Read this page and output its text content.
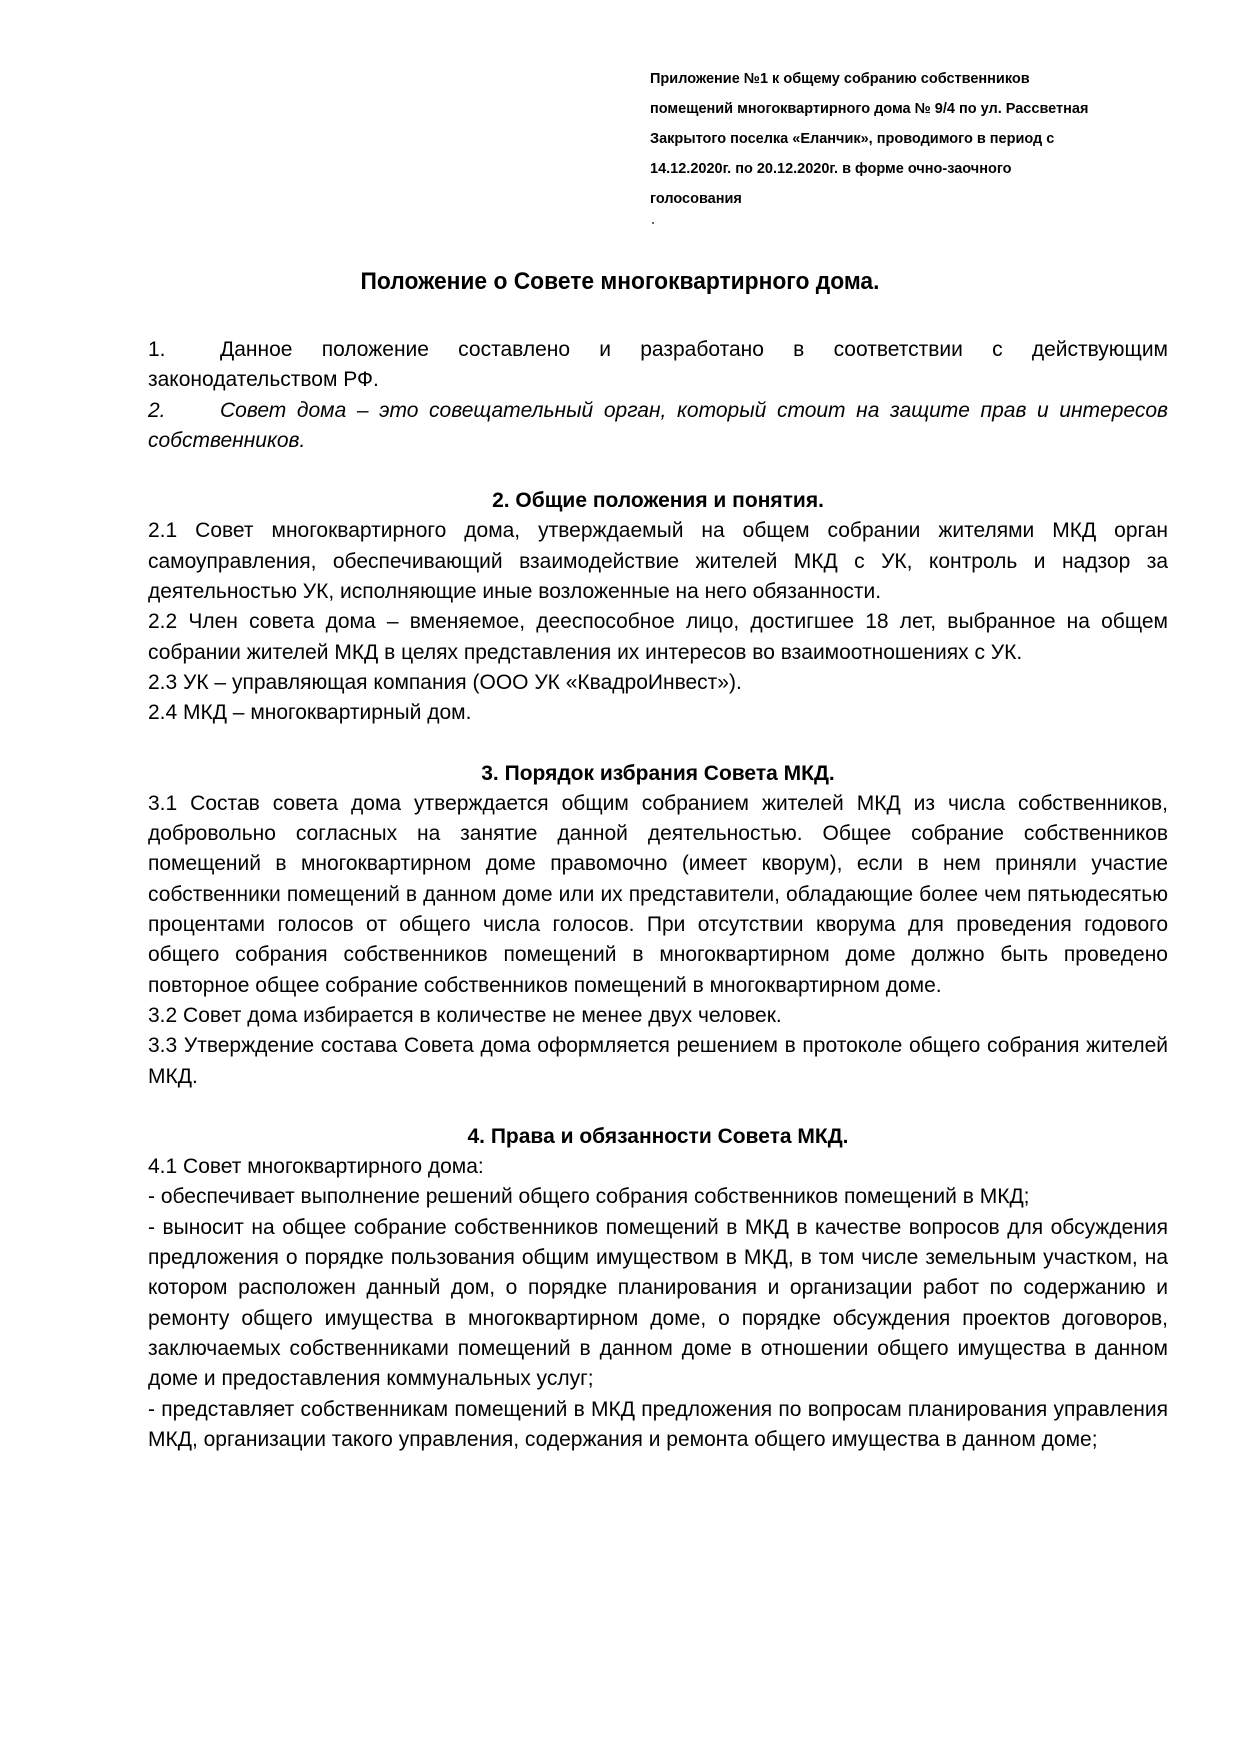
Приложение №1 к общему собранию собственников
помещений многоквартирного дома № 9/4 по ул. Рассветная
Закрытого поселка «Еланчик», проводимого в период с
14.12.2020г. по 20.12.2020г. в форме очно-заочного
голосования
Положение о Совете многоквартирного дома.

1.	Данное положение составлено и разработано в соответствии с действующим законодательством РФ.

2.	Совет дома – это совещательный орган, который стоит на защите прав и интересов собственников.

2. Общие положения и понятия.

2.1 Совет многоквартирного дома, утверждаемый на общем собрании жителями МКД орган самоуправления, обеспечивающий взаимодействие жителей МКД с УК, контроль и надзор за деятельностью УК, исполняющие иные возложенные на него обязанности.

2.2 Член совета дома – вменяемое, дееспособное лицо, достигшее 18 лет, выбранное на общем собрании жителей МКД в целях представления их интересов во взаимоотношениях с УК.

2.3 УК – управляющая компания (ООО УК «КвадроИнвест»).

2.4 МКД – многоквартирный дом.

3. Порядок избрания Совета МКД.

3.1 Состав совета дома утверждается общим собранием жителей МКД из числа собственников, добровольно согласных на занятие данной деятельностью. Общее собрание собственников помещений в многоквартирном доме правомочно (имеет кворум), если в нем приняли участие собственники помещений в данном доме или их представители, обладающие более чем пятьюдесятью процентами голосов от общего числа голосов. При отсутствии кворума для проведения годового общего собрания собственников помещений в многоквартирном доме должно быть проведено повторное общее собрание собственников помещений в многоквартирном доме.

3.2 Совет дома избирается в количестве не менее двух человек.

3.3 Утверждение состава Совета дома оформляется решением в протоколе общего собрания жителей МКД.

4. Права и обязанности Совета МКД.

4.1 Совет многоквартирного дома:

- обеспечивает выполнение решений общего собрания собственников помещений в МКД;

- выносит на общее собрание собственников помещений в МКД в качестве вопросов для обсуждения предложения о порядке пользования общим имуществом в МКД, в том числе земельным участком, на котором расположен данный дом, о порядке планирования и организации работ по содержанию и ремонту общего имущества в многоквартирном доме, о порядке обсуждения проектов договоров, заключаемых собственниками помещений в данном доме в отношении общего имущества в данном доме и предоставления коммунальных услуг;

- представляет собственникам помещений в МКД предложения по вопросам планирования управления МКД, организации такого управления, содержания и ремонта общего имущества в данном доме;
